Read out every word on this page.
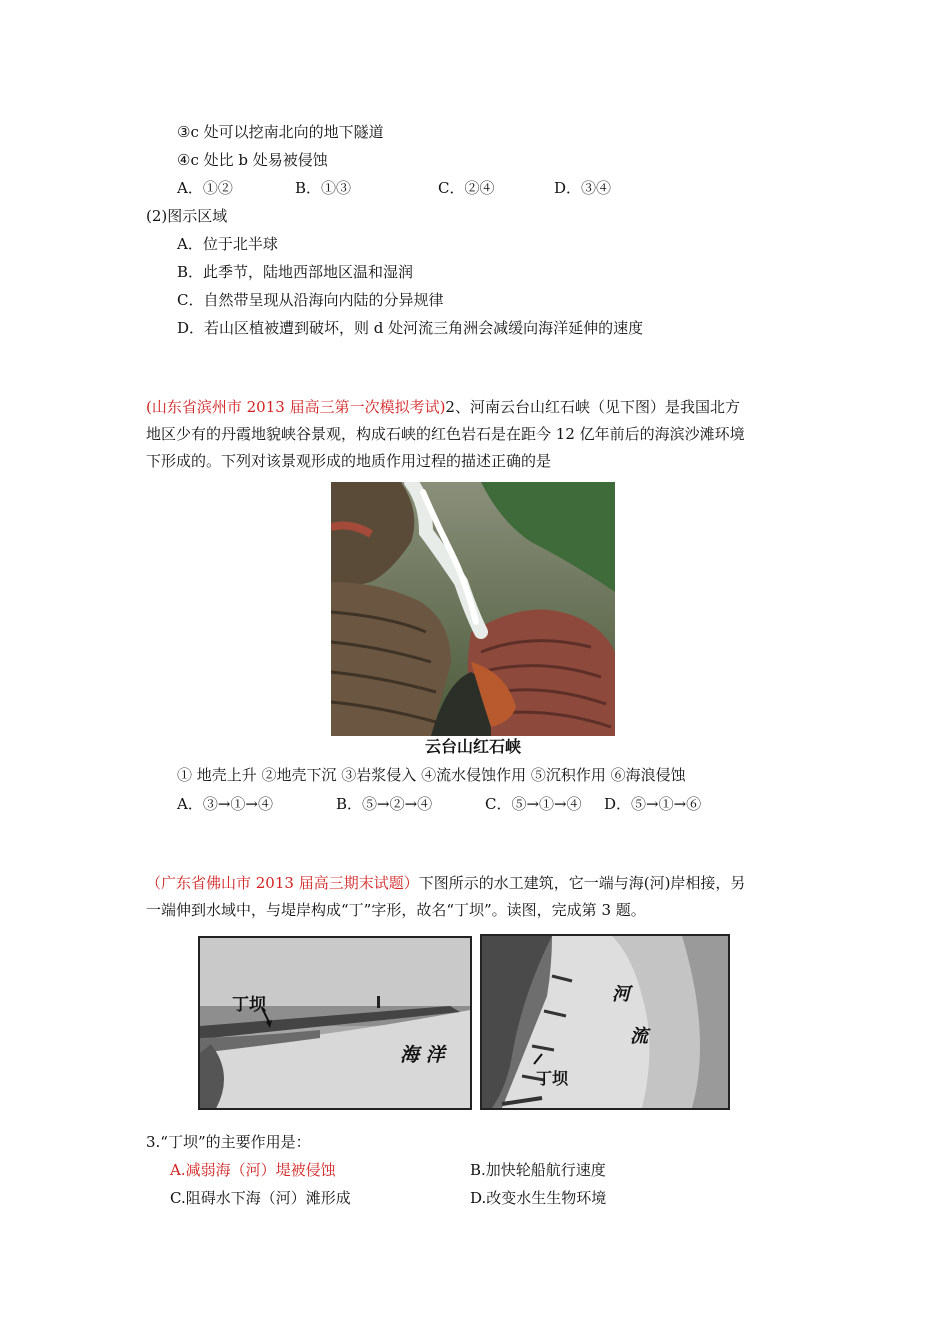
③c 处可以挖南北向的地下隧道
④c 处比 b 处易被侵蚀
A．①②	B．①③	C．②④	D．③④
(2)图示区域
A．位于北半球
B．此季节，陆地西部地区温和湿润
C．自然带呈现从沿海向内陆的分异规律
D．若山区植被遭到破坏，则 d 处河流三角洲会减缓向海洋延伸的速度
(山东省滨州市 2013 届高三第一次模拟考试)2、河南云台山红石峡（见下图）是我国北方
地区少有的丹霞地貌峡谷景观，构成石峡的红色岩石是在距今 12 亿年前后的海滨沙滩环境
下形成的。下列对该景观形成的地质作用过程的描述正确的是
云台山红石峡
① 地壳上升 ②地壳下沉 ③岩浆侵入 ④流水侵蚀作用 ⑤沉积作用 ⑥海浪侵蚀
A．③→①→④	B．⑤→②→④	C．⑤→①→④ D．⑤→①→⑥
（广东省佛山市 2013 届高三期末试题）下图所示的水工建筑，它一端与海(河)岸相接，另
一端伸到水域中，与堤岸构成“丁”字形，故名“丁坝”。读图，完成第 3 题。
丁坝
海 洋
河
流
丁坝
3.“丁坝”的主要作用是：
A.减弱海（河）堤被侵蚀	B.加快轮船航行速度
C.阻碍水下海（河）滩形成	D.改变水生生物环境
